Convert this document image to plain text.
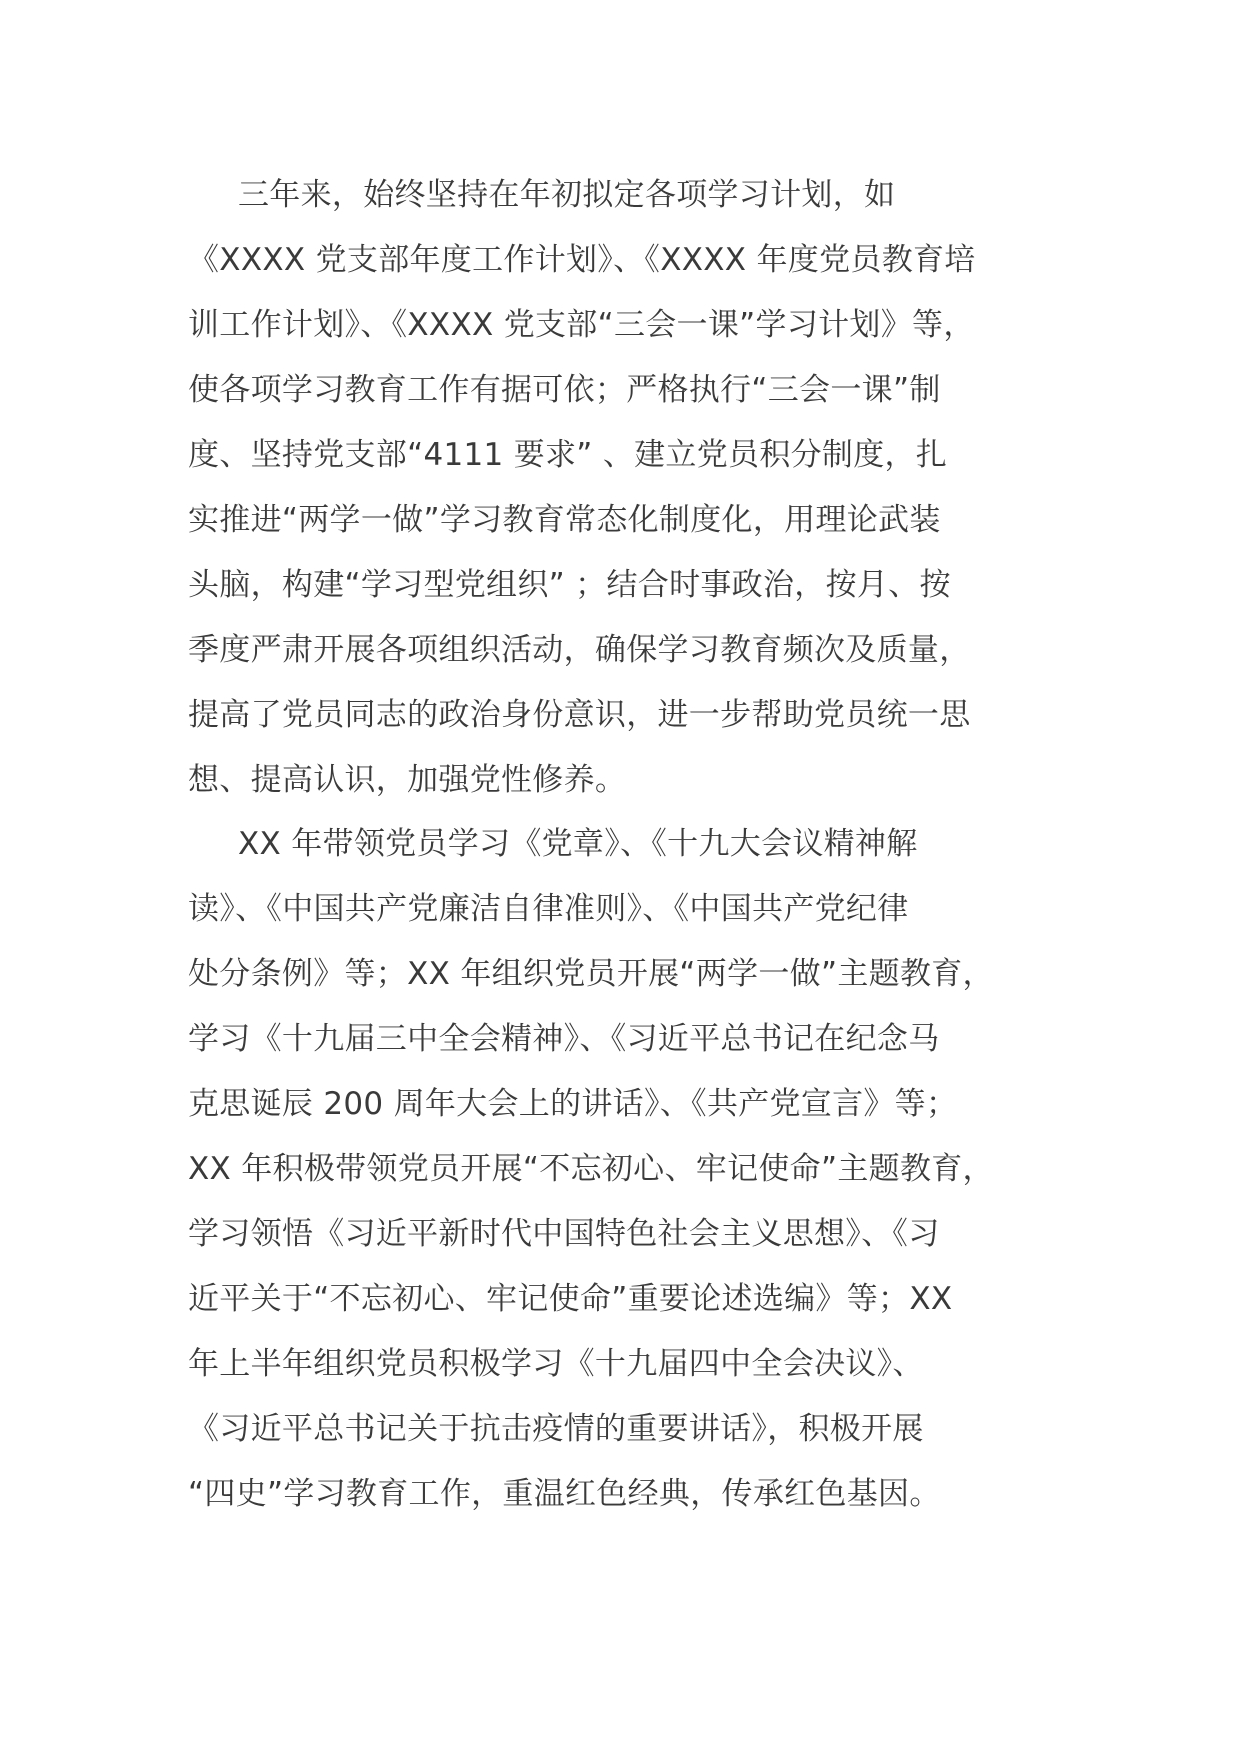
三年来，始终坚持在年初拟定各项学习计划，如
《XXXX 党支部年度工作计划》、《XXXX 年度党员教育培
训工作计划》、《XXXX 党支部“三会一课”学习计划》等，
使各项学习教育工作有据可依；严格执行“三会一课”制
度、坚持党支部“4111 要求” 、建立党员积分制度，扎
实推进“两学一做”学习教育常态化制度化，用理论武装
头脑，构建“学习型党组织” ；结合时事政治，按月、按
季度严肃开展各项组织活动，确保学习教育频次及质量，
提高了党员同志的政治身份意识，进一步帮助党员统一思
想、提高认识，加强党性修养。
XX 年带领党员学习《党章》、《十九大会议精神解
读》、《中国共产党廉洁自律准则》、《中国共产党纪律
处分条例》等；XX 年组织党员开展“两学一做”主题教育，
学习《十九届三中全会精神》、《习近平总书记在纪念马
克思诞辰 200 周年大会上的讲话》、《共产党宣言》等；
XX 年积极带领党员开展“不忘初心、牢记使命”主题教育，
学习领悟《习近平新时代中国特色社会主义思想》、《习
近平关于“不忘初心、牢记使命”重要论述选编》等；XX
年上半年组织党员积极学习《十九届四中全会决议》、
《习近平总书记关于抗击疫情的重要讲话》，积极开展
“四史”学习教育工作，重温红色经典，传承红色基因。
